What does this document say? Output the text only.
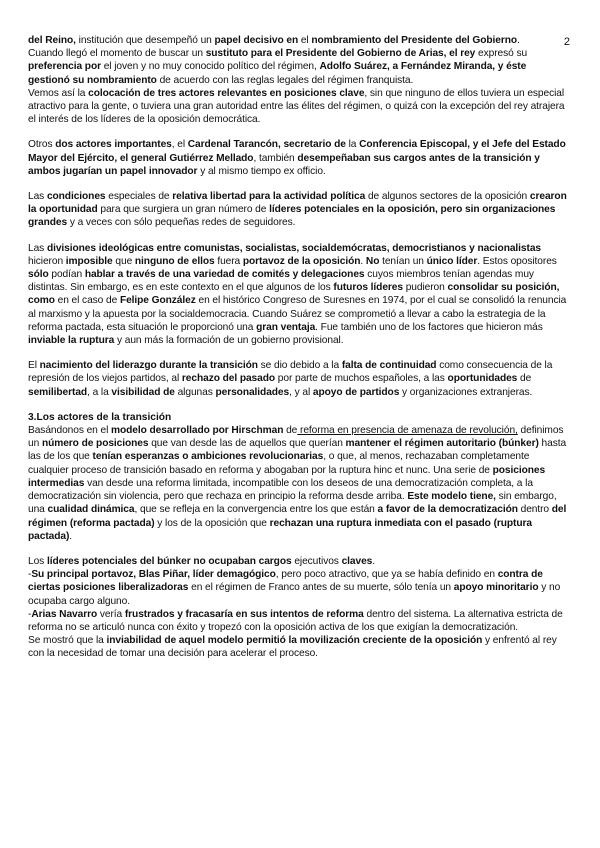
2

del Reino, institución que desempeñó un papel decisivo en el nombramiento del Presidente del Gobierno.

Cuando llegó el momento de buscar un sustituto para el Presidente del Gobierno de Arias, el rey expresó su preferencia por el joven y no muy conocido político del régimen, Adolfo Suárez, a Fernández Miranda, y éste gestionó su nombramiento de acuerdo con las reglas legales del régimen franquista.

Vemos así la colocación de tres actores relevantes en posiciones clave, sin que ninguno de ellos tuviera un especial atractivo para la gente, o tuviera una gran autoridad entre las élites del régimen, o quizá con la excepción del rey atrajera el interés de los líderes de la oposición democrática.

Otros dos actores importantes, el Cardenal Tarancón, secretario de la Conferencia Episcopal, y el Jefe del Estado Mayor del Ejército, el general Gutiérrez Mellado, también desempeñaban sus cargos antes de la transición y ambos jugarían un papel innovador y al mismo tiempo ex officio.

Las condiciones especiales de relativa libertad para la actividad política de algunos sectores de la oposición crearon la oportunidad para que surgiera un gran número de líderes potenciales en la oposición, pero sin organizaciones grandes y a veces con sólo pequeñas redes de seguidores.

Las divisiones ideológicas entre comunistas, socialistas, socialdemócratas, democristianos y nacionalistas hicieron imposible que ninguno de ellos fuera portavoz de la oposición. No tenían un único líder. Estos opositores sólo podían hablar a través de una variedad de comités y delegaciones cuyos miembros tenían agendas muy distintas. Sin embargo, es en este contexto en el que algunos de los futuros líderes pudieron consolidar su posición, como en el caso de Felipe González en el histórico Congreso de Suresnes en 1974, por el cual se consolidó la renuncia al marxismo y la apuesta por la socialdemocracia. Cuando Suárez se comprometió a llevar a cabo la estrategia de la reforma pactada, esta situación le proporcionó una gran ventaja. Fue también uno de los factores que hicieron más inviable la ruptura y aun más la formación de un gobierno provisional.

El nacimiento del liderazgo durante la transición se dio debido a la falta de continuidad como consecuencia de la represión de los viejos partidos, al rechazo del pasado por parte de muchos españoles, a las oportunidades de semilibertad, a la visibilidad de algunas personalidades, y al apoyo de partidos y organizaciones extranjeras.

3.Los actores de la transición

Basándonos en el modelo desarrollado por Hirschman de reforma en presencia de amenaza de revolución, definimos un número de posiciones que van desde las de aquellos que querían mantener el régimen autoritario (búnker) hasta las de los que tenían esperanzas o ambiciones revolucionarias, o que, al menos, rechazaban completamente cualquier proceso de transición basado en reforma y abogaban por la ruptura hinc et nunc. Una serie de posiciones intermedias van desde una reforma limitada, incompatible con los deseos de una democratización completa, a la democratización sin violencia, pero que rechaza en principio la reforma desde arriba. Este modelo tiene, sin embargo, una cualidad dinámica, que se refleja en la convergencia entre los que están a favor de la democratización dentro del régimen (reforma pactada) y los de la oposición que rechazan una ruptura inmediata con el pasado (ruptura pactada).

Los líderes potenciales del búnker no ocupaban cargos ejecutivos claves.

-Su principal portavoz, Blas Piñar, líder demagógico, pero poco atractivo, que ya se había definido en contra de ciertas posiciones liberalizadoras en el régimen de Franco antes de su muerte, sólo tenía un apoyo minoritario y no ocupaba cargo alguno.

-Arias Navarro vería frustrados y fracasaría en sus intentos de reforma dentro del sistema. La alternativa estricta de reforma no se articuló nunca con éxito y tropezó con la oposición activa de los que exigían la democratización.

Se mostró que la inviabilidad de aquel modelo permitió la movilización creciente de la oposición y enfrentó al rey con la necesidad de tomar una decisión para acelerar el proceso.
